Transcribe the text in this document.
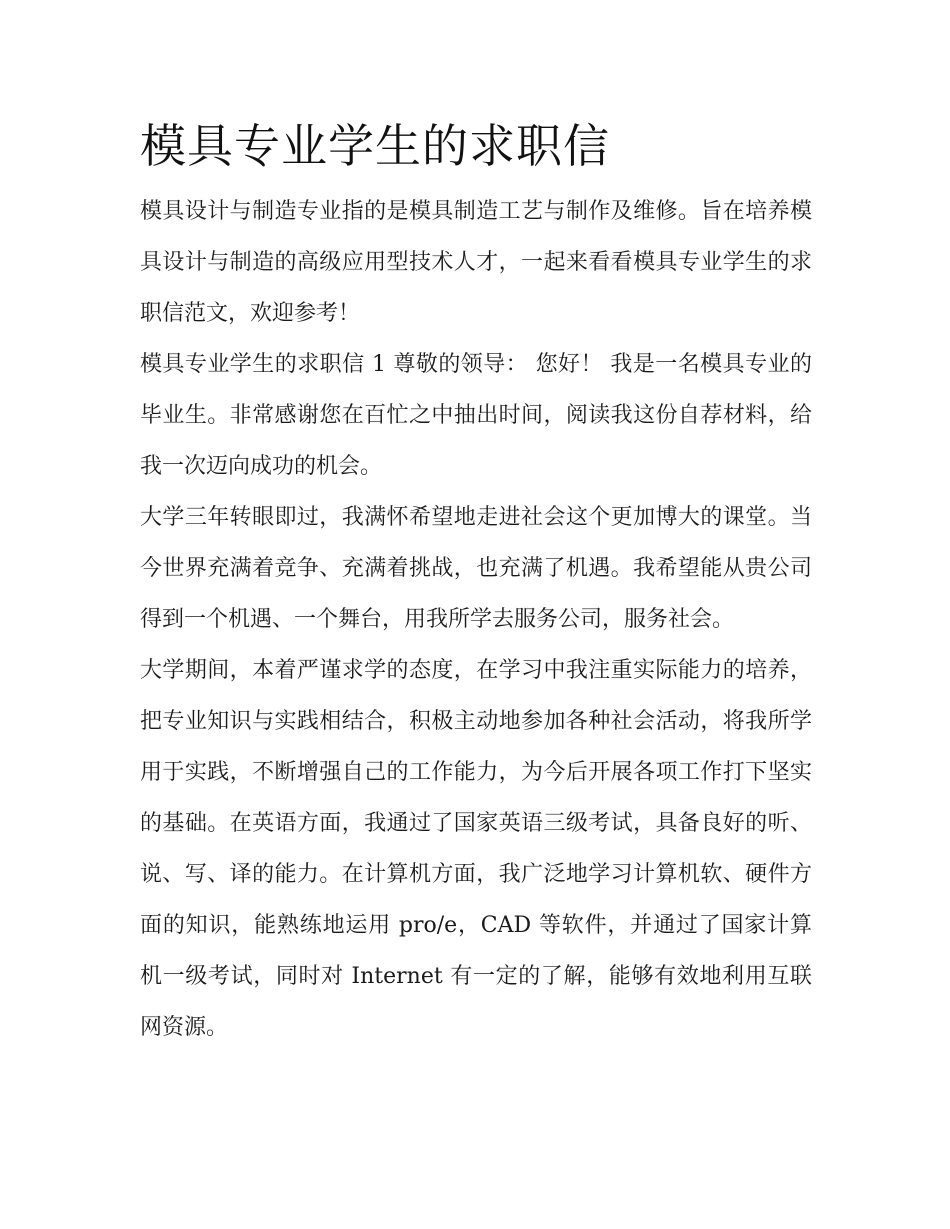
模具专业学生的求职信

模具设计与制造专业指的是模具制造工艺与制作及维修。旨在培养模具设计与制造的高级应用型技术人才，一起来看看模具专业学生的求职信范文，欢迎参考！

模具专业学生的求职信 1 尊敬的领导： 您好！ 我是一名模具专业的毕业生。非常感谢您在百忙之中抽出时间，阅读我这份自荐材料，给我一次迈向成功的机会。

大学三年转眼即过，我满怀希望地走进社会这个更加博大的课堂。当今世界充满着竞争、充满着挑战，也充满了机遇。我希望能从贵公司得到一个机遇、一个舞台，用我所学去服务公司，服务社会。

大学期间，本着严谨求学的态度，在学习中我注重实际能力的培养，把专业知识与实践相结合，积极主动地参加各种社会活动，将我所学用于实践，不断增强自己的工作能力，为今后开展各项工作打下坚实的基础。在英语方面，我通过了国家英语三级考试，具备良好的听、说、写、译的能力。在计算机方面，我广泛地学习计算机软、硬件方面的知识，能熟练地运用 pro/e，CAD 等软件，并通过了国家计算机一级考试，同时对 Internet 有一定的了解，能够有效地利用互联网资源。
